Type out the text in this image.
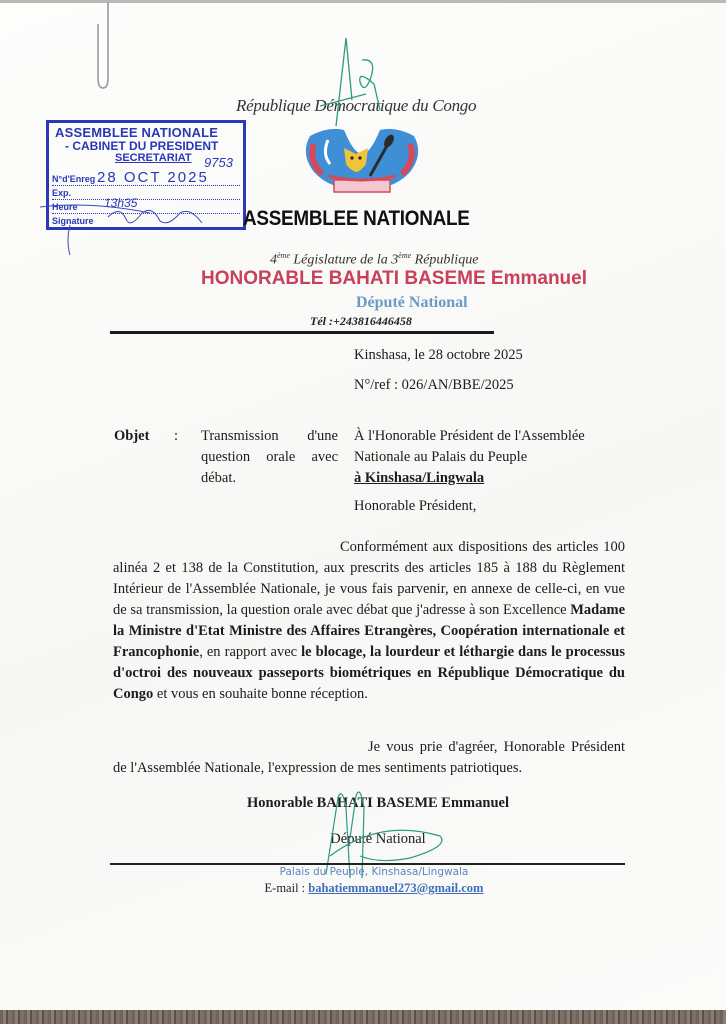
République Démocratique du Congo
ASSEMBLEE NATIONALE
- CABINET DU PRESIDENT
SECRETARIAT
N°d'Enreg
Exp.
Heure
Signature
28 OCT 2025
9753
13h35
ASSEMBLEE NATIONALE
4ème Législature de la 3ème République
HONORABLE BAHATI BASEME Emmanuel
Député National
Tél :+243816446458
Kinshasa, le 28 octobre 2025
N°/ref : 026/AN/BBE/2025
Objet : Transmission d'une
question orale avec débat.
À l'Honorable Président de l'Assemblée Nationale au Palais du Peuple
à Kinshasa/Lingwala
Honorable Président,

Conformément aux dispositions des articles 100 alinéa 2 et 138 de la Constitution, aux prescrits des articles 185 à 188 du Règlement Intérieur de l'Assemblée Nationale, je vous fais parvenir, en annexe de celle-ci, en vue de sa transmission, la question orale avec débat que j'adresse à son Excellence Madame la Ministre d'Etat Ministre des Affaires Etrangères, Coopération internationale et Francophonie, en rapport avec le blocage, la lourdeur et léthargie dans le processus d'octroi des nouveaux passeports biométriques en République Démocratique du Congo et vous en souhaite bonne réception.

Je vous prie d'agréer, Honorable Président de l'Assemblée Nationale, l'expression de mes sentiments patriotiques.

Honorable BAHATI BASEME Emmanuel
Député National
Palais du Peuple, Kinshasa/Lingwala
E-mail : bahatiemmanuel273@gmail.com
